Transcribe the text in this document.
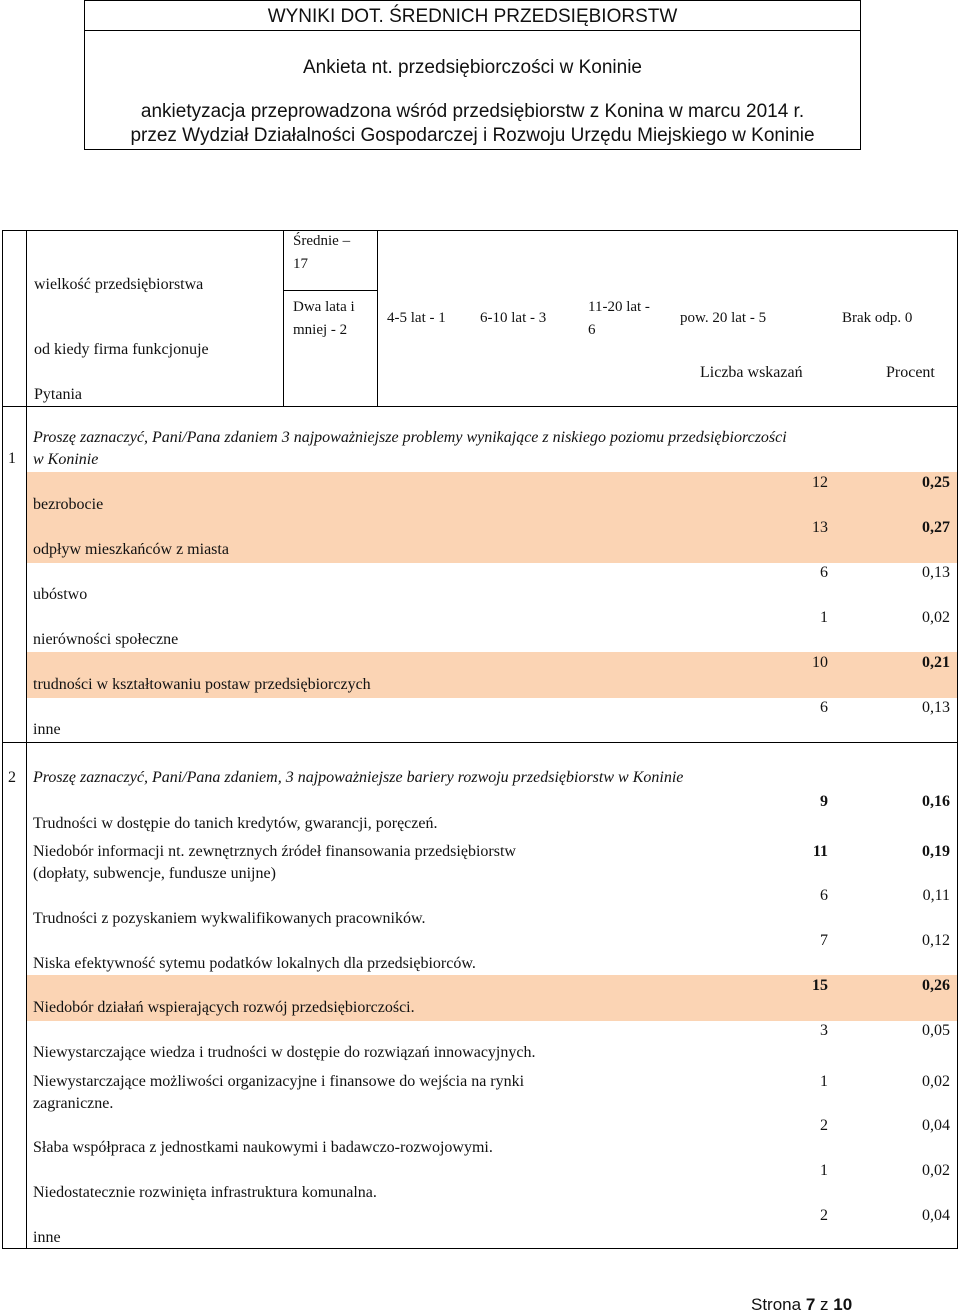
WYNIKI DOT. ŚREDNICH PRZEDSIĘBIORSTW
Ankieta nt. przedsiębiorczości w Koninie
ankietyzacja przeprowadzona wśród przedsiębiorstw z Konina w marcu 2014 r.
przez Wydział Działalności Gospodarczej i Rozwoju Urzędu Miejskiego w Koninie
wielkość przedsiębiorstwa
od kiedy firma funkcjonuje
Pytania
Średnie –
17
Dwa lata i
mniej - 2
4-5 lat - 1 6-10 lat - 3
11-20 lat -
6
pow. 20 lat - 5	Brak odp. 0
Liczba wskazań	Procent
1
Proszę zaznaczyć, Pani/Pana zdaniem 3 najpoważniejsze problemy wynikające z niskiego poziomu przedsiębiorczości
w Koninie
bezrobocie
12	0,25
odpływ mieszkańców z miasta
13	0,27
ubóstwo
6	0,13
nierówności społeczne
1	0,02
trudności w kształtowaniu postaw przedsiębiorczych
10	0,21
inne
6	0,13
2 Proszę zaznaczyć, Pani/Pana zdaniem, 3 najpoważniejsze bariery rozwoju przedsiębiorstw w Koninie
Trudności w dostępie do tanich kredytów, gwarancji, poręczeń.
9	0,16
Niedobór informacji nt. zewnętrznych źródeł finansowania przedsiębiorstw
(dopłaty, subwencje, fundusze unijne)
11	0,19
Trudności z pozyskaniem wykwalifikowanych pracowników.
6	0,11
Niska efektywność sytemu podatków lokalnych dla przedsiębiorców.
7	0,12
Niedobór działań wspierających rozwój przedsiębiorczości.
15	0,26
Niewystarczające wiedza i trudności w dostępie do rozwiązań innowacyjnych.
3	0,05
Niewystarczające możliwości organizacyjne i finansowe do wejścia na rynki
zagraniczne.
1	0,02
Słaba współpraca z jednostkami naukowymi i badawczo-rozwojowymi.
2	0,04
Niedostatecznie rozwinięta infrastruktura komunalna.
1	0,02
inne
2	0,04
Strona 7 z 10
